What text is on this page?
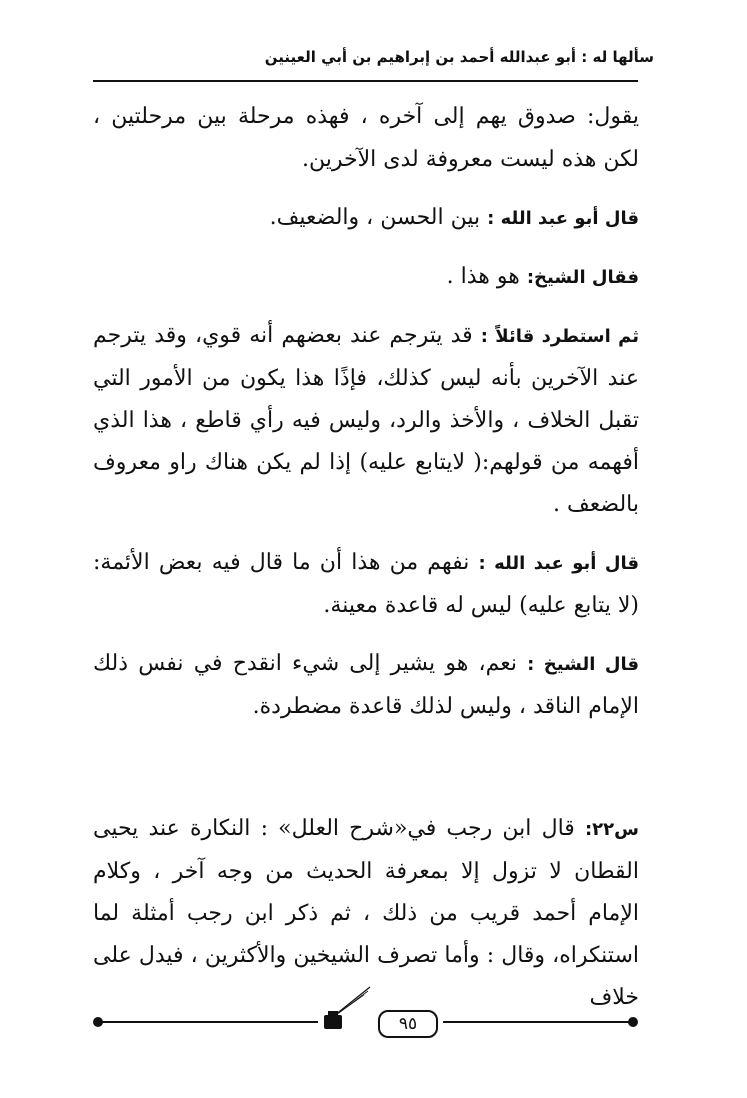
سألها له : أبو عبدالله أحمد بن إبراهيم بن أبي العينين

يقول: صدوق يهم إلى آخره ، فهذه مرحلة بين مرحلتين ، لكن هذه ليست معروفة لدى الآخرين.

قال أبو عبد الله : بين الحسن ، والضعيف.

فقال الشيخ: هو هذا .

ثم استطرد قائلاً : قد يترجم عند بعضهم أنه قوي، وقد يترجم عند الآخرين بأنه ليس كذلك، فإذًا هذا يكون من الأمور التي تقبل الخلاف ، والأخذ والرد، وليس فيه رأي قاطع ، هذا الذي أفهمه من قولهم:( لايتابع عليه) إذا لم يكن هناك راو معروف بالضعف .

قال أبو عبد الله : نفهم من هذا أن ما قال فيه بعض الأئمة: (لا يتابع عليه) ليس له قاعدة معينة.

قال الشيخ : نعم، هو يشير إلى شيء انقدح في نفس ذلك الإمام الناقد ، وليس لذلك قاعدة مضطردة.

س٢٢: قال ابن رجب في«شرح العلل» : النكارة عند يحيى القطان لا تزول إلا بمعرفة الحديث من وجه آخر ، وكلام الإمام أحمد قريب من ذلك ، ثم ذكر ابن رجب أمثلة لما استنكراه، وقال : وأما تصرف الشيخين والأكثرين ، فيدل على خلاف

٩٥
